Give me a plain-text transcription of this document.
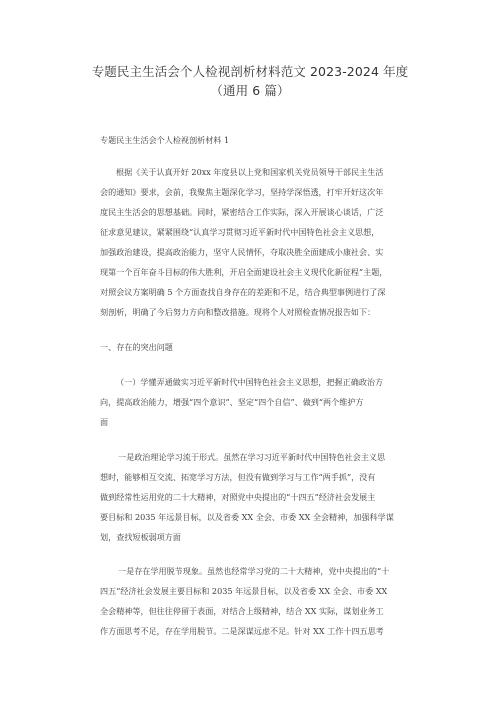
专题民主生活会个人检视剖析材料范文 2023-2024 年度
（通用 6 篇）
专题民主生活会个人检视剖析材料 1
根据《关于认真开好 20xx 年度县以上党和国家机关党员领导干部民主生活
会的通知》要求，会前，我聚焦主题深化学习，坚持学深悟透，打牢开好这次年
度民主生活会的思想基础。同时，紧密结合工作实际，深入开展谈心谈话，广泛
征求意见建议，紧紧围绕“认真学习贯彻习近平新时代中国特色社会主义思想，
加强政治建设，提高政治能力，坚守人民情怀，夺取决胜全面建成小康社会、实
现第一个百年奋斗目标的伟大胜利，开启全面建设社会主义现代化新征程”主题，
对照会议方案明确 5 个方面查找自身存在的差距和不足，结合典型事例进行了深
刻剖析，明确了今后努力方向和整改措施。现将个人对照检查情况报告如下：
一、存在的突出问题
（一）学懂弄通做实习近平新时代中国特色社会主义思想，把握正确政治方
向，提高政治能力，增强“四个意识”、坚定“四个自信”、做到“两个维护方
面
一是政治理论学习流于形式。虽然在学习习近平新时代中国特色社会主义思
想时，能够相互交流、拓宽学习方法，但没有做到学习与工作“两手抓”，没有
做到经常性运用党的二十大精神，对照党中央提出的“十四五”经济社会发展主
要目标和 2035 年远景目标，以及省委 XX 全会、市委 XX 全会精神，加强科学谋
划，查找短板弱项方面
一是存在学用脱节现象。虽然也经常学习党的二十大精神，党中央提出的“十
四五”经济社会发展主要目标和 2035 年远景目标，以及省委 XX 全会、市委 XX
全会精神等，但往往停留于表面，对结合上级精神，结合 XX 实际，谋划业务工
作方面思考不足，存在学用脱节。二是深谋远虑不足。针对 XX 工作十四五思考
